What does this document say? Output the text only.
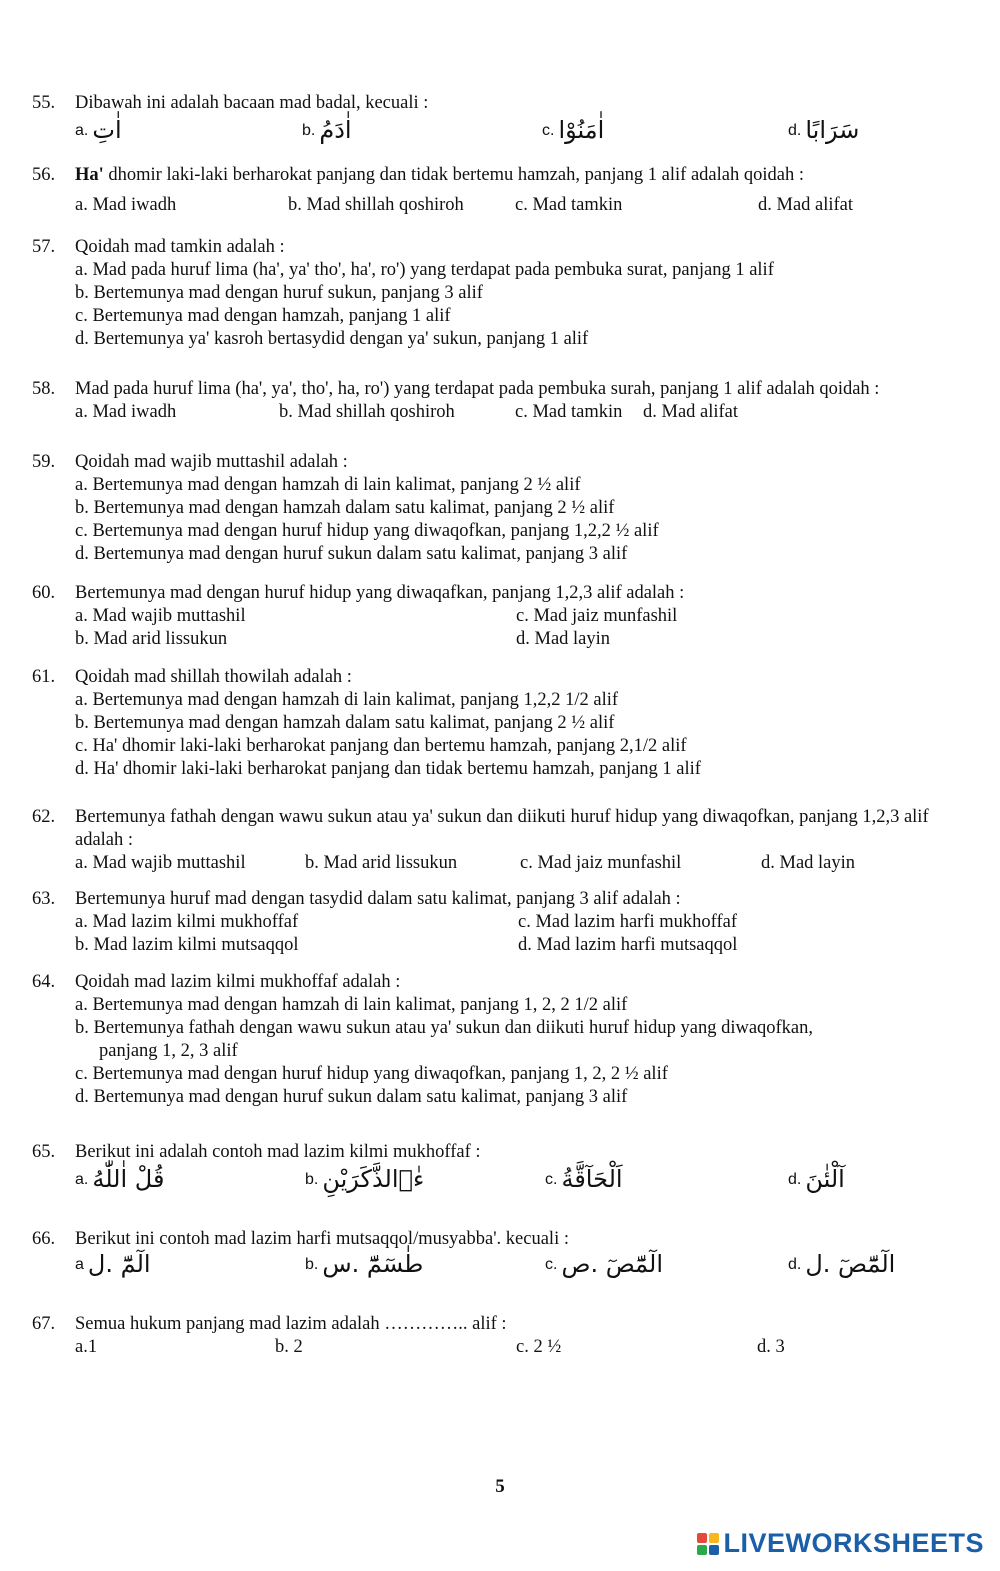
55.	Dibawah ini adalah bacaan mad badal, kecuali :
a. اٰتِ	b. اٰدَمُ	c. اٰمَنُوْا	d. سَرَابًا
56.	Ha' dhomir laki-laki berharokat panjang dan tidak bertemu hamzah, panjang 1 alif adalah qoidah :
a. Mad iwadh	b. Mad shillah qoshiroh	c. Mad tamkin	d. Mad alifat
57.	Qoidah mad tamkin adalah :
a. Mad pada huruf lima (ha', ya' tho', ha', ro') yang terdapat pada pembuka surat, panjang 1 alif
b. Bertemunya mad dengan huruf sukun, panjang 3 alif
c. Bertemunya mad dengan hamzah, panjang 1 alif
d. Bertemunya ya' kasroh bertasydid dengan ya' sukun, panjang 1 alif
58.	Mad pada huruf lima (ha', ya', tho', ha, ro') yang terdapat pada pembuka surah, panjang 1 alif adalah qoidah :
a. Mad iwadh	b. Mad shillah qoshiroh	c. Mad tamkin d. Mad alifat
59.	Qoidah mad wajib muttashil adalah :
a. Bertemunya mad dengan hamzah di lain kalimat, panjang 2 ½ alif
b. Bertemunya mad dengan hamzah dalam satu kalimat, panjang 2 ½ alif
c. Bertemunya mad dengan huruf hidup yang diwaqofkan, panjang 1,2,2 ½ alif
d. Bertemunya mad dengan huruf sukun dalam satu kalimat, panjang 3 alif
60.	Bertemunya mad dengan huruf hidup yang diwaqafkan, panjang 1,2,3 alif adalah :
a. Mad wajib muttashil	c. Mad jaiz munfashil
b. Mad arid lissukun	d. Mad layin
61.	Qoidah mad shillah thowilah adalah :
a. Bertemunya mad dengan hamzah di lain kalimat, panjang 1,2,2 1/2 alif
b. Bertemunya mad dengan hamzah dalam satu kalimat, panjang 2 ½ alif
c. Ha' dhomir laki-laki berharokat panjang dan bertemu hamzah, panjang 2,1/2 alif
d. Ha' dhomir laki-laki berharokat panjang dan tidak bertemu hamzah, panjang 1 alif
62.	Bertemunya fathah dengan wawu sukun atau ya' sukun dan diikuti huruf hidup yang diwaqofkan, panjang 1,2,3 alif adalah :
a. Mad wajib muttashil	b. Mad arid lissukun	c. Mad jaiz munfashil	d. Mad layin
63.	Bertemunya huruf mad dengan tasydid dalam satu kalimat, panjang 3 alif adalah :
a. Mad lazim kilmi mukhoffaf	c. Mad lazim harfi mukhoffaf
b. Mad lazim kilmi mutsaqqol	d. Mad lazim harfi mutsaqqol
64.	Qoidah mad lazim kilmi mukhoffaf adalah :
a. Bertemunya mad dengan hamzah di lain kalimat, panjang 1, 2, 2 1/2 alif
b. Bertemunya fathah dengan wawu sukun atau ya' sukun dan diikuti huruf hidup yang diwaqofkan,
panjang 1, 2, 3 alif
c. Bertemunya mad dengan huruf hidup yang diwaqofkan, panjang 1, 2, 2 ½ alif
d. Bertemunya mad dengan huruf sukun dalam satu kalimat, panjang 3 alif
65.	Berikut ini adalah contoh mad lazim kilmi mukhoffaf :
a. قُلْ اٰللّٰهُ	b. ءٰۤالذَّكَرَيْنِ	c. اَلْحَآقَّةُ	d. آلْئٰنَ
66.	Berikut ini contoh mad lazim harfi mutsaqqol/musyabba'. kecuali :
a الٓمّٓ .ل	b. طٰسٓمّٓ .س	c. الٓمّٓصٓ .ص	d. الٓمّٓصٓ .ل
67.	Semua hukum panjang mad lazim adalah ………….. alif :
a.1	b. 2	c. 2 ½	d. 3
5
LIVEWORKSHEETS
